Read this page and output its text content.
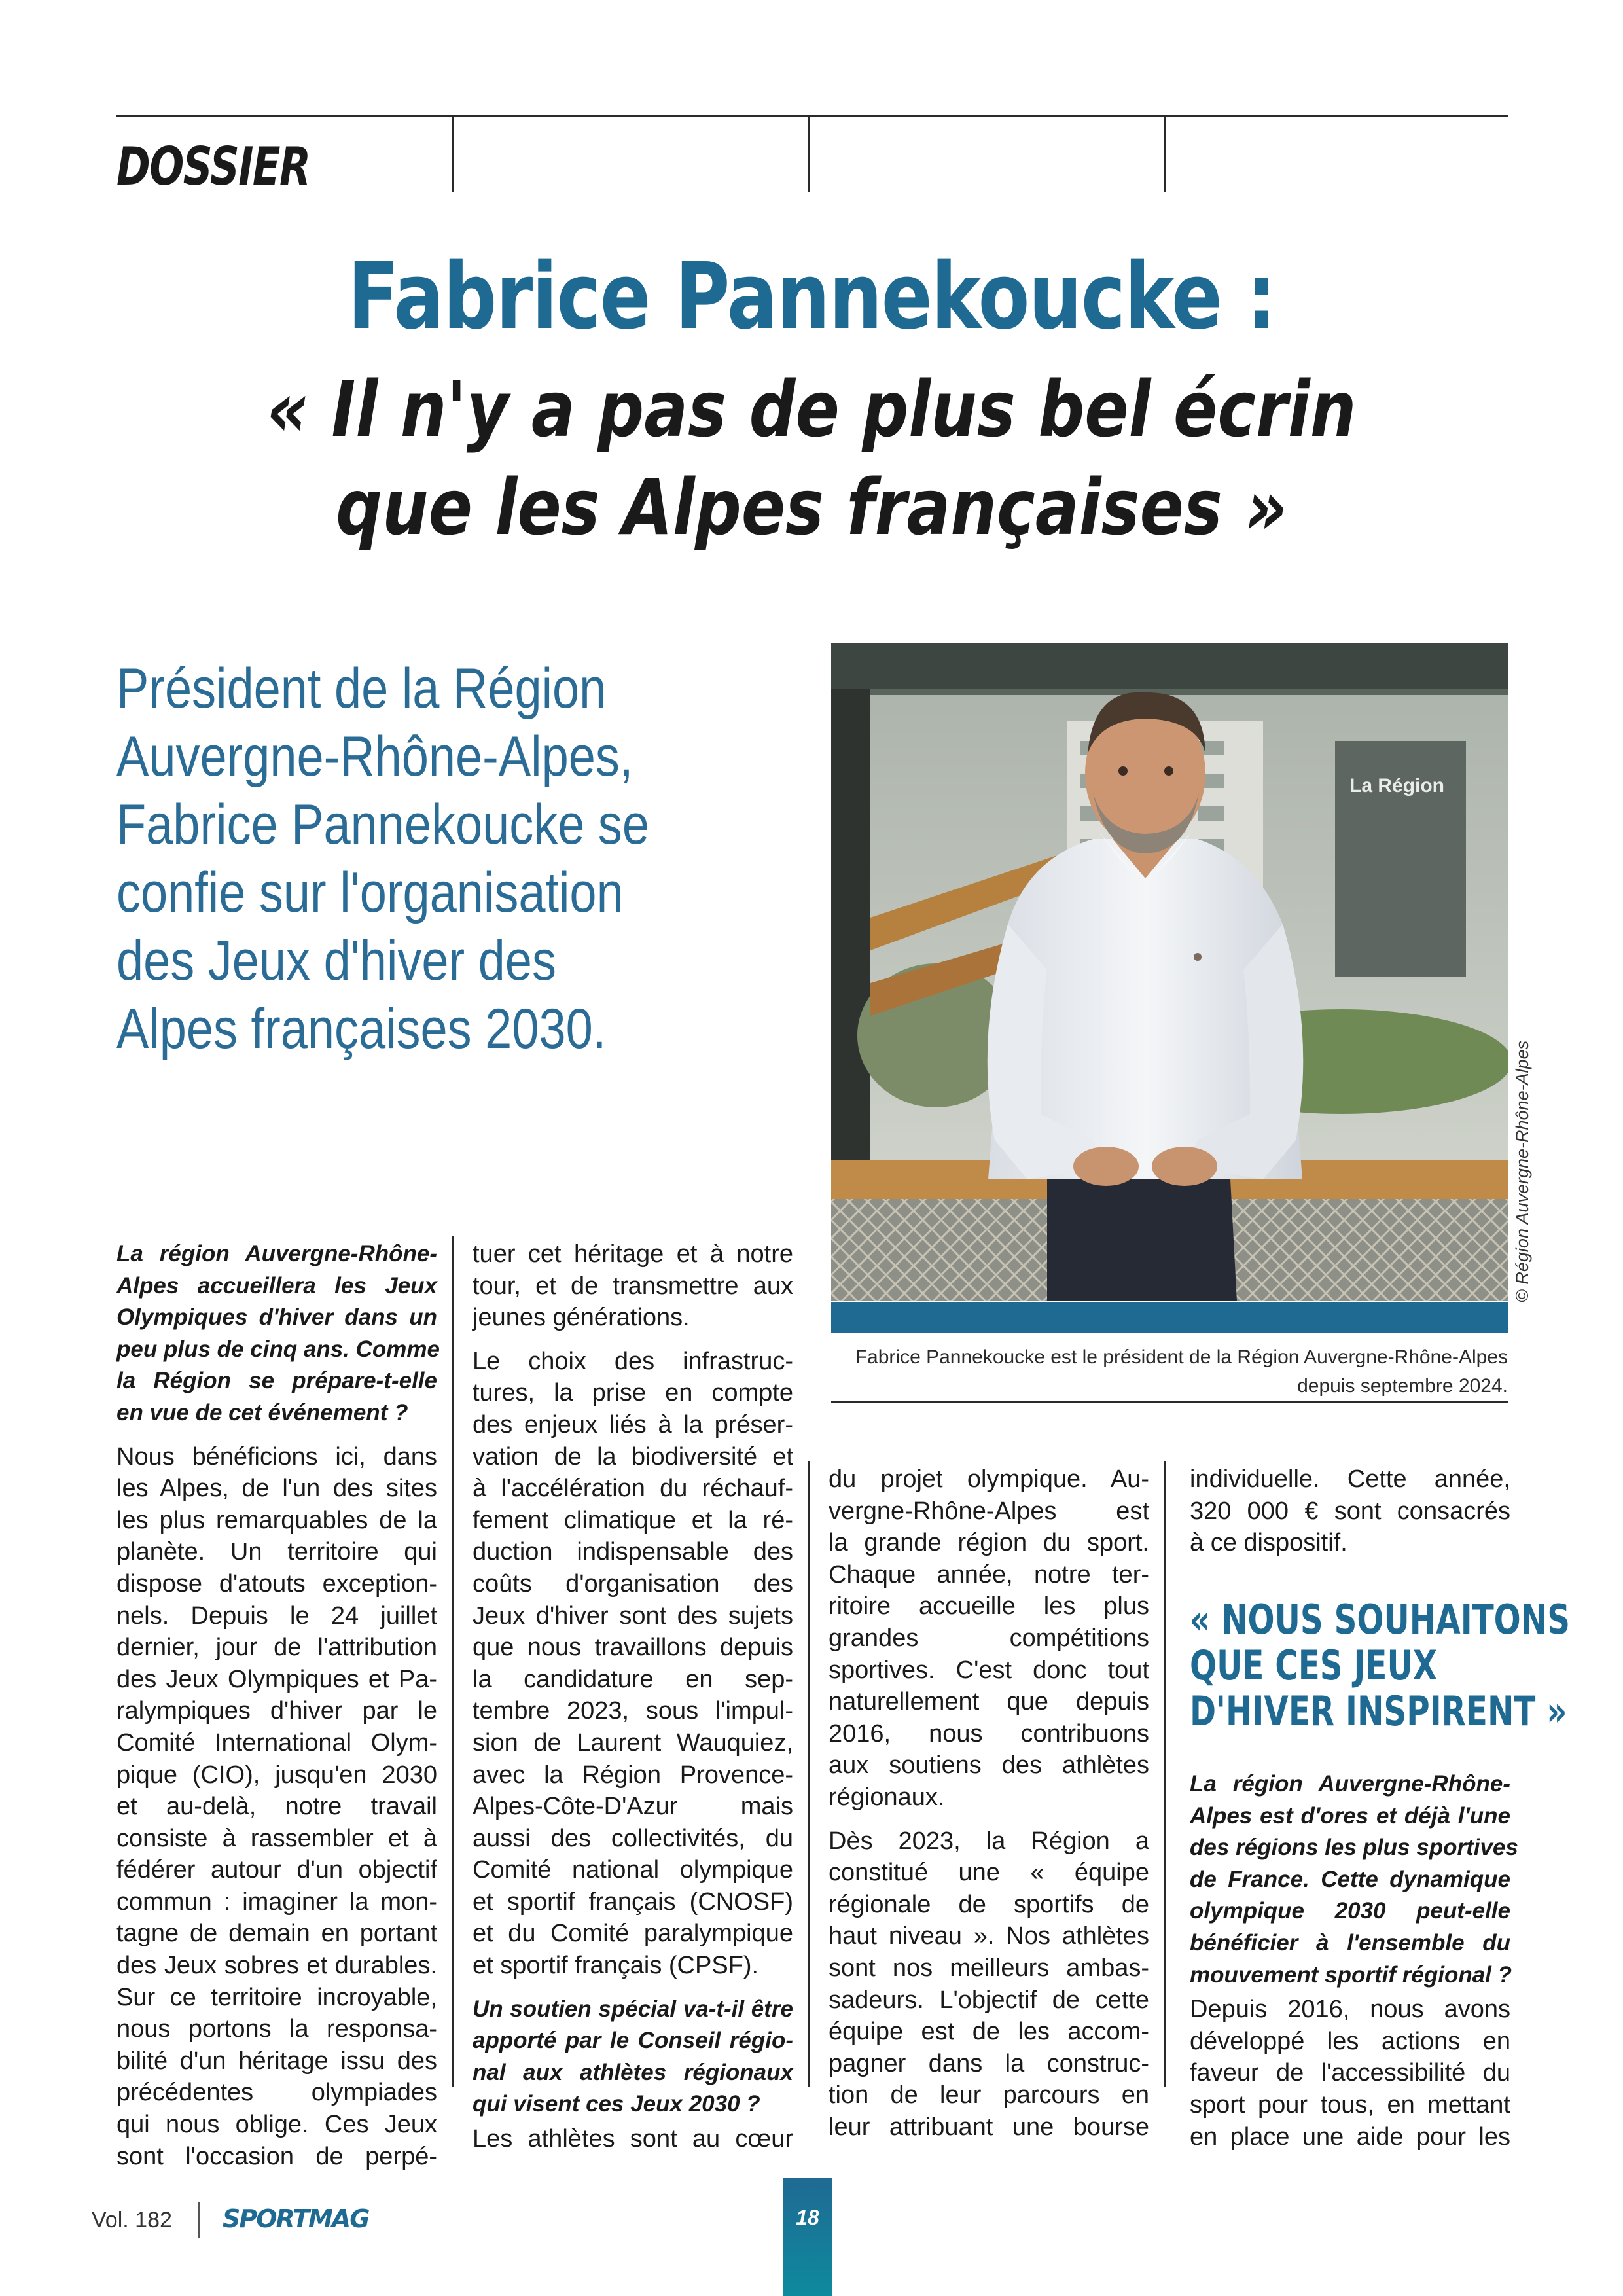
DOSSIER
Fabrice Pannekoucke :
« Il n'y a pas de plus bel écrin
que les Alpes françaises »
Président de la Région
Auvergne-Rhône-Alpes,
Fabrice Pannekoucke se
confie sur l'organisation
des Jeux d'hiver des
Alpes françaises 2030.
La Région
© Région Auvergne-Rhône-Alpes
Fabrice Pannekoucke est le président de la Région Auvergne-Rhône-Alpes
depuis septembre 2024.
La région Auvergne-Rhône-
Alpes accueillera les Jeux
Olympiques d'hiver dans un
peu plus de cinq ans. Comme
la Région se prépare-t-elle
en vue de cet événement ?
Nous bénéficions ici, dans
les Alpes, de l'un des sites
les plus remarquables de la
planète. Un territoire qui
dispose d'atouts exception-
nels. Depuis le 24 juillet
dernier, jour de l'attribution
des Jeux Olympiques et Pa-
ralympiques d'hiver par le
Comité International Olym-
pique (CIO), jusqu'en 2030
et au-delà, notre travail
consiste à rassembler et à
fédérer autour d'un objectif
commun : imaginer la mon-
tagne de demain en portant
des Jeux sobres et durables.
Sur ce territoire incroyable,
nous portons la responsa-
bilité d'un héritage issu des
précédentes olympiades
qui nous oblige. Ces Jeux
sont l'occasion de perpé-
tuer cet héritage et à notre
tour, et de transmettre aux
jeunes générations.
Le choix des infrastruc-
tures, la prise en compte
des enjeux liés à la préser-
vation de la biodiversité et
à l'accélération du réchauf-
fement climatique et la ré-
duction indispensable des
coûts d'organisation des
Jeux d'hiver sont des sujets
que nous travaillons depuis
la candidature en sep-
tembre 2023, sous l'impul-
sion de Laurent Wauquiez,
avec la Région Provence-
Alpes-Côte-D'Azur mais
aussi des collectivités, du
Comité national olympique
et sportif français (CNOSF)
et du Comité paralympique
et sportif français (CPSF).
Un soutien spécial va-t-il être
apporté par le Conseil régio-
nal aux athlètes régionaux
qui visent ces Jeux 2030 ?
Les athlètes sont au cœur
du projet olympique. Au-
vergne-Rhône-Alpes est
la grande région du sport.
Chaque année, notre ter-
ritoire accueille les plus
grandes compétitions
sportives. C'est donc tout
naturellement que depuis
2016, nous contribuons
aux soutiens des athlètes
régionaux.
Dès 2023, la Région a
constitué une « équipe
régionale de sportifs de
haut niveau ». Nos athlètes
sont nos meilleurs ambas-
sadeurs. L'objectif de cette
équipe est de les accom-
pagner dans la construc-
tion de leur parcours en
leur attribuant une bourse
individuelle. Cette année,
320 000 € sont consacrés
à ce dispositif.
« NOUS SOUHAITONS
QUE CES JEUX
D'HIVER INSPIRENT »
La région Auvergne-Rhône-
Alpes est d'ores et déjà l'une
des régions les plus sportives
de France. Cette dynamique
olympique 2030 peut-elle
bénéficier à l'ensemble du
mouvement sportif régional ?
Depuis 2016, nous avons
développé les actions en
faveur de l'accessibilité du
sport pour tous, en mettant
en place une aide pour les
Vol. 182 SPORTMAG	18
